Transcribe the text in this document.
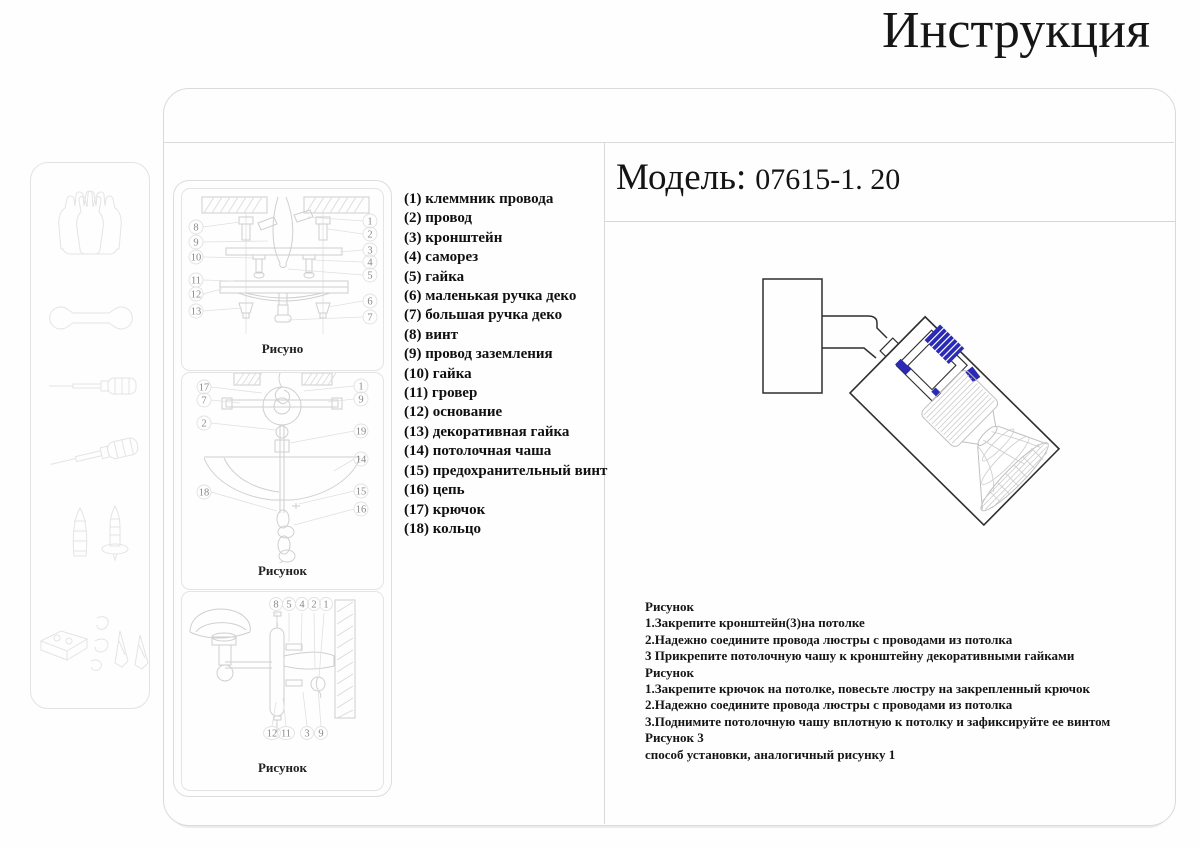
Инструкция
8
9
10
11
12
13
1
2
3
4
5
6
7
Рисуно
17
7
2
18
1
9
19
14
15
16
Рисунок
8 5 4 2 1
12 11 3 9
Рисунок
(1) клеммник провода
(2) провод
(3) кронштейн
(4) саморез
(5) гайка
(6) маленькая ручка деко
(7) большая ручка деко
(8) винт
(9) провод заземления
(10) гайка
(11) гровер
(12) основание
(13) декоративная гайка
(14) потолочная чаша
(15) предохранительный винт
(16) цепь
(17) крючок
(18) кольцо
Модель: 07615-1. 20
Рисунок
1.Закрепите кронштейн(3)на потолке
2.Надежно соедините провода люстры с проводами из потолка
3 Прикрепите потолочную чашу к кронштейну декоративными гайками
Рисунок
1.Закрепите крючок на потолке, повесьте люстру на закрепленный крючок
2.Надежно соедините провода люстры с проводами из потолка
3.Поднимите потолочную чашу вплотную к потолку и зафиксируйте ее винтом
Рисунок 3
способ установки, аналогичный рисунку 1
